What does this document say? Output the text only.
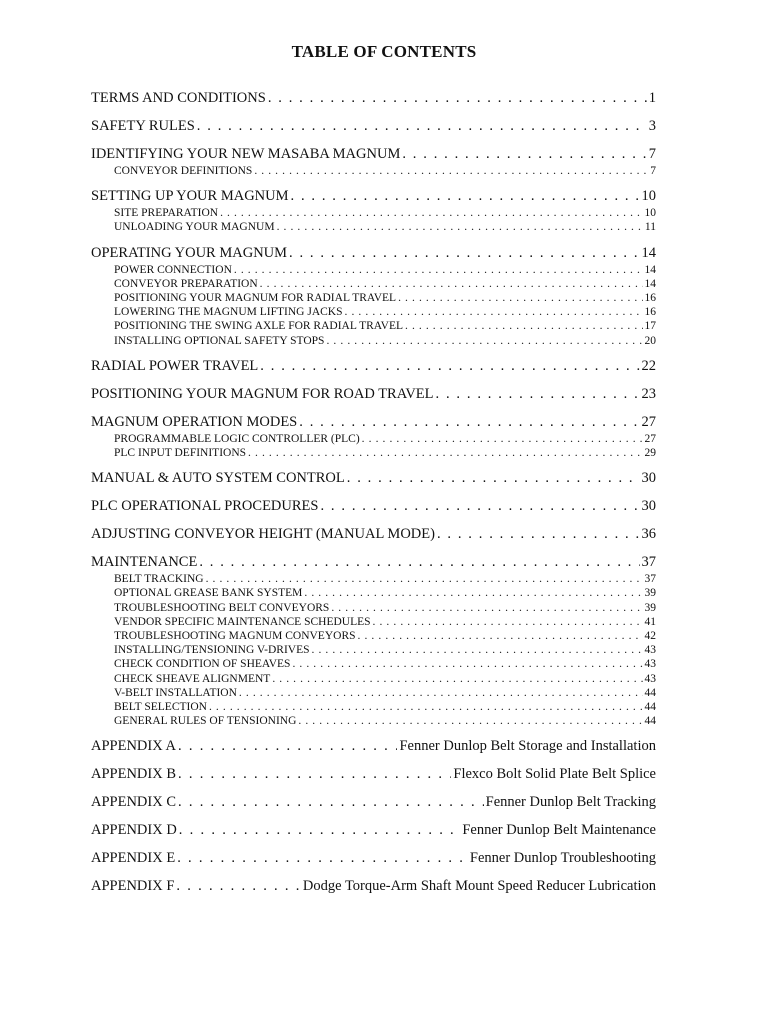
TABLE OF CONTENTS
TERMS AND CONDITIONS . . .	1
SAFETY RULES . . .	3
IDENTIFYING YOUR NEW MASABA MAGNUM . . .	7
CONVEYOR DEFINITIONS . . .	7
SETTING UP YOUR MAGNUM . . .	10
SITE PREPARATION . . .	10
UNLOADING YOUR MAGNUM . . .	11
OPERATING YOUR MAGNUM . . .	14
POWER CONNECTION . . .	14
CONVEYOR PREPARATION . . .	14
POSITIONING YOUR MAGNUM FOR RADIAL TRAVEL . . .	16
LOWERING THE MAGNUM LIFTING JACKS . . .	16
POSITIONING THE SWING AXLE FOR RADIAL TRAVEL . . .	17
INSTALLING OPTIONAL SAFETY STOPS . . .	20
RADIAL POWER TRAVEL . . .	22
POSITIONING YOUR MAGNUM FOR ROAD TRAVEL . . .	23
MAGNUM OPERATION MODES . . .	27
PROGRAMMABLE LOGIC CONTROLLER (PLC) . . .	27
PLC INPUT DEFINITIONS . . .	29
MANUAL & AUTO SYSTEM CONTROL . . .	30
PLC OPERATIONAL PROCEDURES . . .	30
ADJUSTING CONVEYOR HEIGHT (MANUAL MODE) . . .	36
MAINTENANCE . . .	37
BELT TRACKING . . .	37
OPTIONAL GREASE BANK SYSTEM . . .	39
TROUBLESHOOTING BELT CONVEYORS . . .	39
VENDOR SPECIFIC MAINTENANCE SCHEDULES . . .	41
TROUBLESHOOTING MAGNUM CONVEYORS . . .	42
INSTALLING/TENSIONING V-DRIVES . . .	43
CHECK CONDITION OF SHEAVES . . .	43
CHECK SHEAVE ALIGNMENT . . .	43
V-BELT INSTALLATION . . .	44
BELT SELECTION . . .	44
GENERAL RULES OF TENSIONING . . .	44
APPENDIX A . . .	Fenner Dunlop Belt Storage and Installation
APPENDIX B . . .	Flexco Bolt Solid Plate Belt Splice
APPENDIX C . . .	Fenner Dunlop Belt Tracking
APPENDIX D . . .	Fenner Dunlop Belt Maintenance
APPENDIX E . . .	Fenner Dunlop Troubleshooting
APPENDIX F . . .	Dodge Torque-Arm Shaft Mount Speed Reducer Lubrication
